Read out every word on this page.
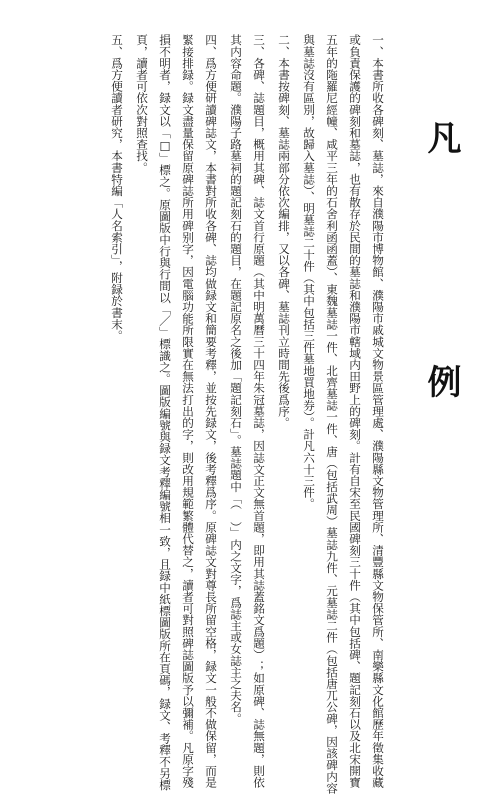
凡　例

一、本書所收各碑刻、墓誌，來自濮陽市博物館、濮陽市戚城文物景區管理處、濮陽縣文物管理所、清豐縣文物保管所、南樂縣文化館歷年徵集收藏或負責保護的碑刻和墓誌，也有散存於民間的墓誌和濮陽市轄域内田野上的碑刻。計有自宋至民國碑刻三十件（其中包括碑、題記刻石以及北宋開寶五年的陁羅尼經幢、咸平三年的石舍利函函蓋）、東魏墓誌一件、北齊墓誌一件、唐（包括武周）墓誌九件、元墓誌二件（包括唐兀公碑，因該碑内容與墓誌沒有區別，故歸入墓誌）、明墓誌二十件（其中包括三件墓地買地券）。計凡六十三件。

二、本書按碑刻、墓誌兩部分依次編排，又以各碑、墓誌刊立時間先後爲序。

三、各碑、誌題目，概用其碑、誌文首行原題（其中明萬曆三十四年朱冠墓誌，因誌文正文無首題，即用其誌蓋銘文爲題）；如原碑、誌無題，則依其内容命題。濮陽子路墓祠的題記刻石的題目，在題記原名之後加「題記刻石」。墓誌題中「（　）」内之文字，爲誌主或女誌主之夫名。

四、爲方便研讀碑誌文，本書對所收各碑、誌均做録文和簡要考釋，並按先録文，後考釋爲序。原碑誌文對尊長所留空格，録文一般不做保留，而是緊接排録。録文盡量保留原碑誌所用碑别字，因電腦功能所限實在無法打出的字，則改用規範繁體代替之，讀者可對照碑誌圖版予以彌補。凡原字殘損不明者，録文以「□」標之。原圖版中行與行間以「／」標識之。圖版編號與録文考釋編號相一致，且録中紙標圖版所在頁碼，録文、考釋不另標頁，讀者可依次對照查找。

五、爲方便讀者研究，本書特編「人名索引」，附録於書末。
